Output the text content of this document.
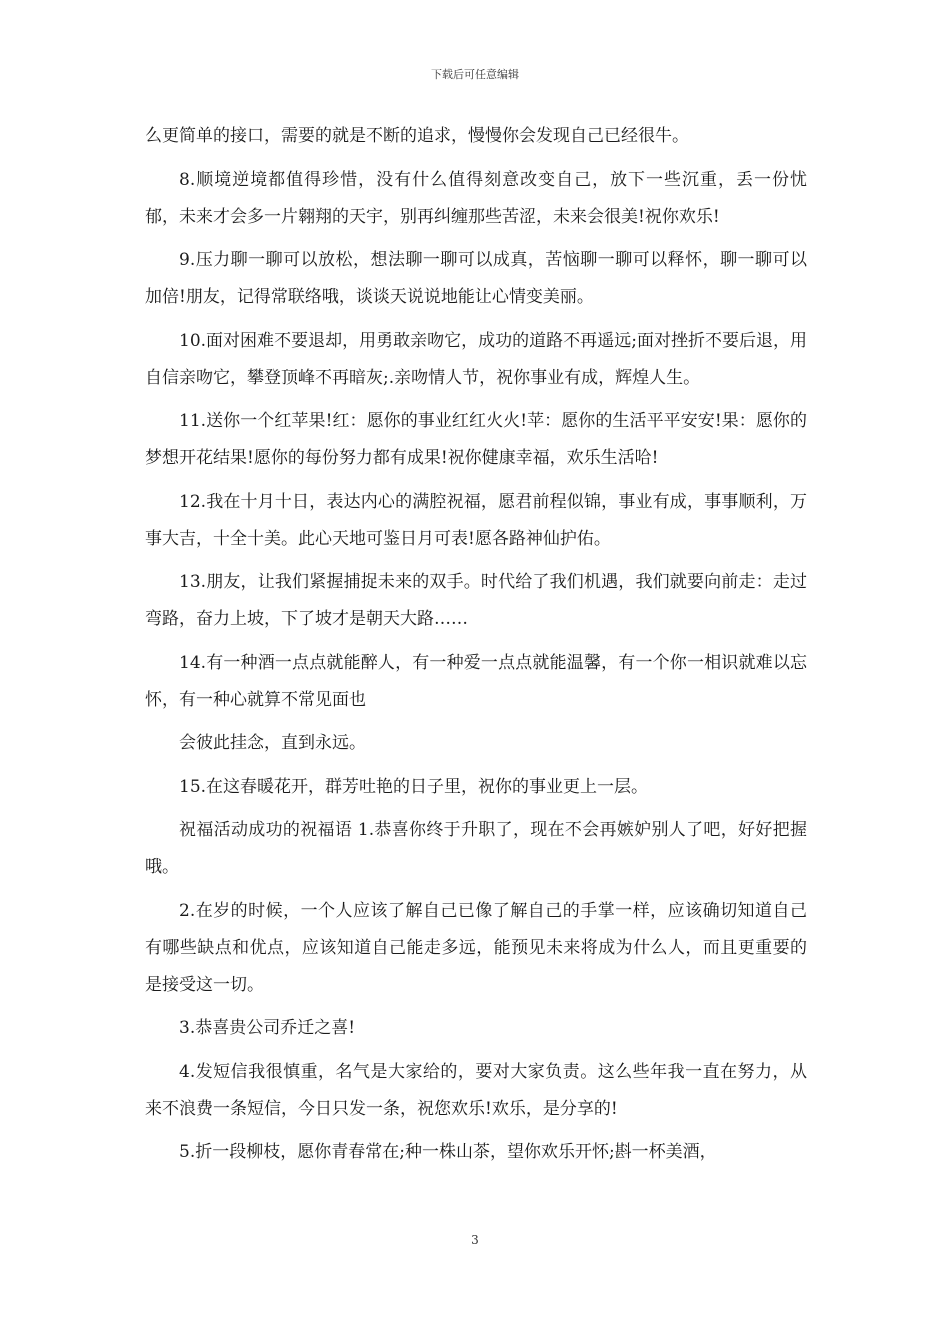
下载后可任意编辑

么更简单的接口，需要的就是不断的追求，慢慢你会发现自己已经很牛。

8.顺境逆境都值得珍惜，没有什么值得刻意改变自己，放下一些沉重，丢一份忧郁，未来才会多一片翱翔的天宇，别再纠缠那些苦涩，未来会很美!祝你欢乐!

9.压力聊一聊可以放松，想法聊一聊可以成真，苦恼聊一聊可以释怀，聊一聊可以加倍!朋友，记得常联络哦，谈谈天说说地能让心情变美丽。

10.面对困难不要退却，用勇敢亲吻它，成功的道路不再遥远;面对挫折不要后退，用自信亲吻它，攀登顶峰不再暗灰;.亲吻情人节，祝你事业有成，辉煌人生。

11.送你一个红苹果!红：愿你的事业红红火火!苹：愿你的生活平平安安!果：愿你的梦想开花结果!愿你的每份努力都有成果!祝你健康幸福，欢乐生活哈!

12.我在十月十日，表达内心的满腔祝福，愿君前程似锦，事业有成，事事顺利，万事大吉，十全十美。此心天地可鉴日月可表!愿各路神仙护佑。

13.朋友，让我们紧握捕捉未来的双手。时代给了我们机遇，我们就要向前走：走过弯路，奋力上坡，下了坡才是朝天大路……

14.有一种酒一点点就能醉人，有一种爱一点点就能温馨，有一个你一相识就难以忘怀，有一种心就算不常见面也

会彼此挂念，直到永远。

15.在这春暖花开，群芳吐艳的日子里，祝你的事业更上一层。

祝福活动成功的祝福语 1.恭喜你终于升职了，现在不会再嫉妒别人了吧，好好把握哦。

2.在岁的时候，一个人应该了解自己已像了解自己的手掌一样，应该确切知道自己有哪些缺点和优点，应该知道自己能走多远，能预见未来将成为什么人，而且更重要的是接受这一切。

3.恭喜贵公司乔迁之喜!

4.发短信我很慎重，名气是大家给的，要对大家负责。这么些年我一直在努力，从来不浪费一条短信，今日只发一条，祝您欢乐!欢乐，是分享的!

5.折一段柳枝，愿你青春常在;种一株山茶，望你欢乐开怀;斟一杯美酒，

3
